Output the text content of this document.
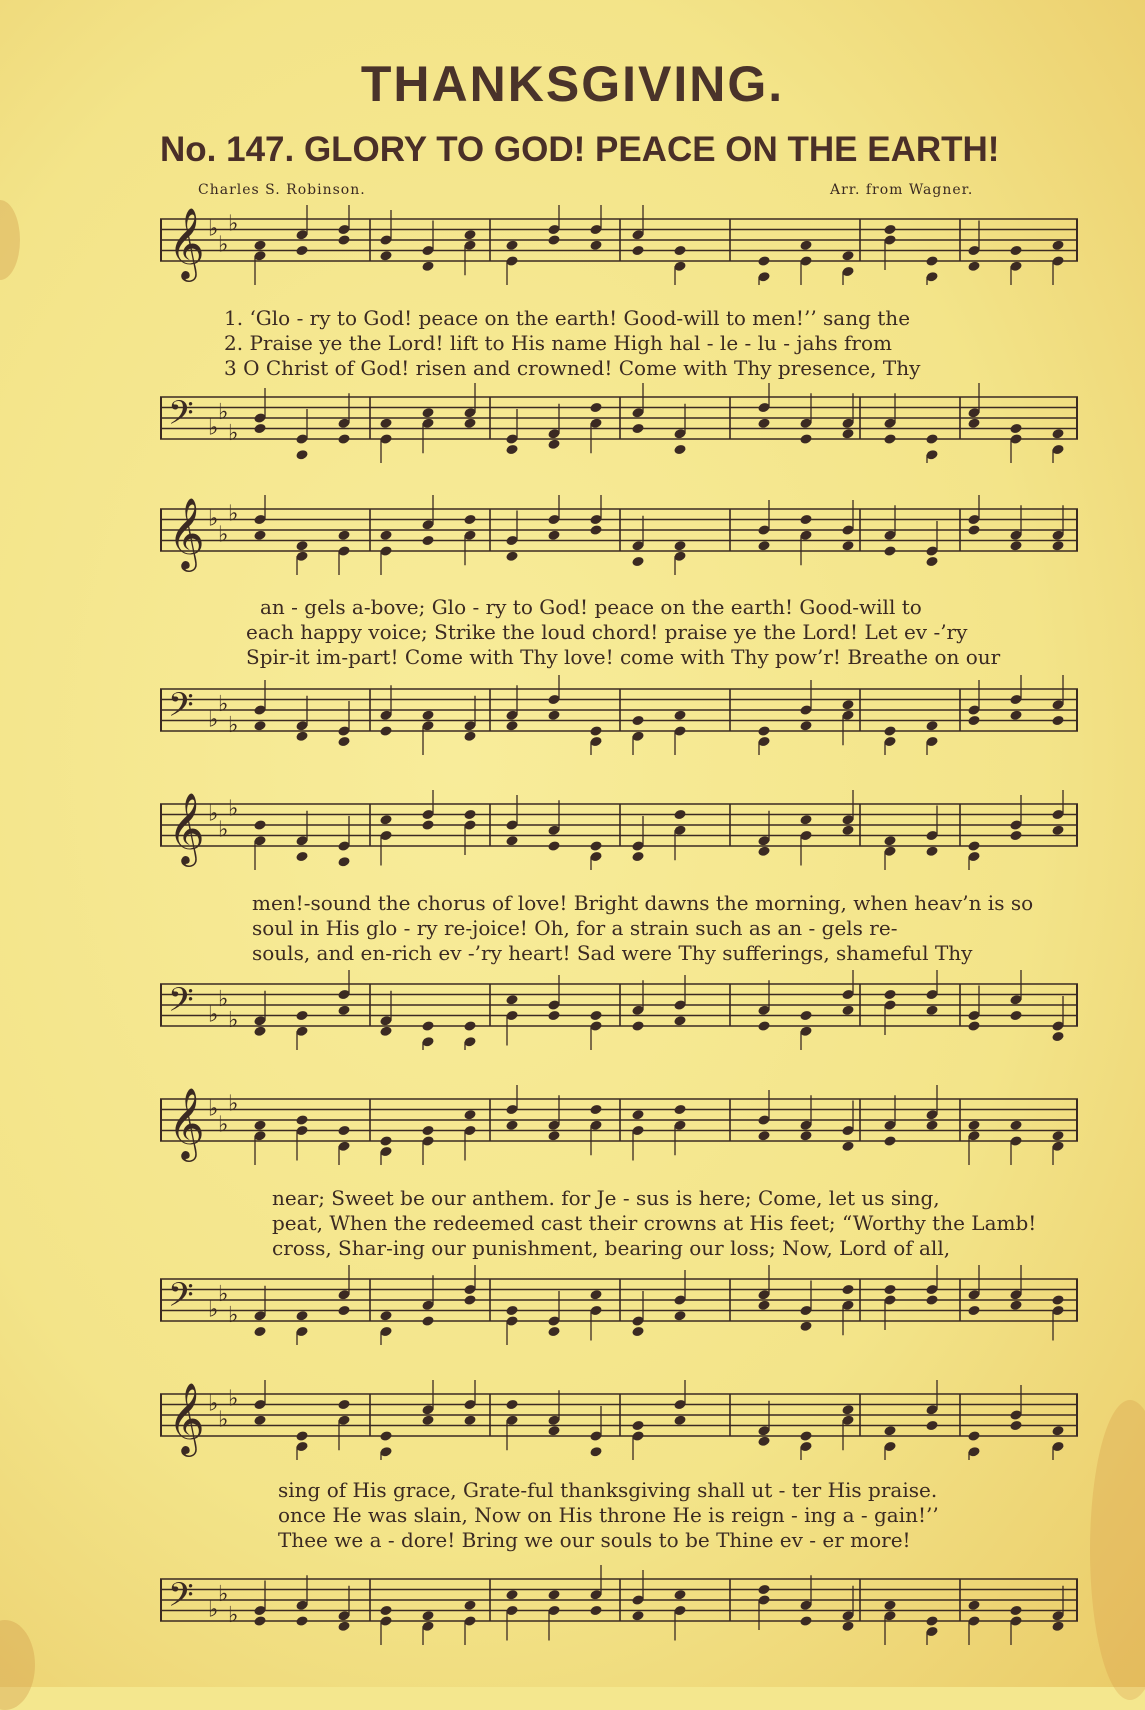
THANKSGIVING.
No. 147. GLORY TO GOD! PEACE ON THE EARTH!
Charles S. Robinson.	Arr. from Wagner.
𝄞 ♭
♭
♭
1. ‘Glo - ry to God! peace on the earth! Good-will to men!’’ sang the
2. Praise ye the Lord! lift to His name High hal - le - lu - jahs from
3 O Christ of God! risen and crowned! Come with Thy presence, Thy
𝄢 ♭
♭
♭
𝄞 ♭
♭
♭
an - gels a-bove; Glo - ry to God! peace on the earth! Good-will to
each happy voice; Strike the loud chord! praise ye the Lord! Let ev -’ry
Spir-it im-part! Come with Thy love! come with Thy pow’r! Breathe on our
𝄢 ♭
♭
♭
𝄞 ♭
♭
♭
men!-sound the chorus of love! Bright dawns the morning, when heav’n is so
soul in His glo - ry re-joice! Oh, for a strain such as an - gels re-
souls, and en-rich ev -’ry heart! Sad were Thy sufferings, shameful Thy
𝄢 ♭
♭
♭
𝄞 ♭
♭
♭
near; Sweet be our anthem. for Je - sus is here; Come, let us sing,
peat, When the redeemed cast their crowns at His feet; “Worthy the Lamb!
cross, Shar-ing our punishment, bearing our loss; Now, Lord of all,
𝄢 ♭
♭
♭
𝄞 ♭
♭
♭
sing of His grace, Grate-ful thanksgiving shall ut - ter His praise.
once He was slain, Now on His throne He is reign - ing a - gain!’’
Thee we a - dore! Bring we our souls to be Thine ev - er more!
𝄢 ♭
♭
♭
